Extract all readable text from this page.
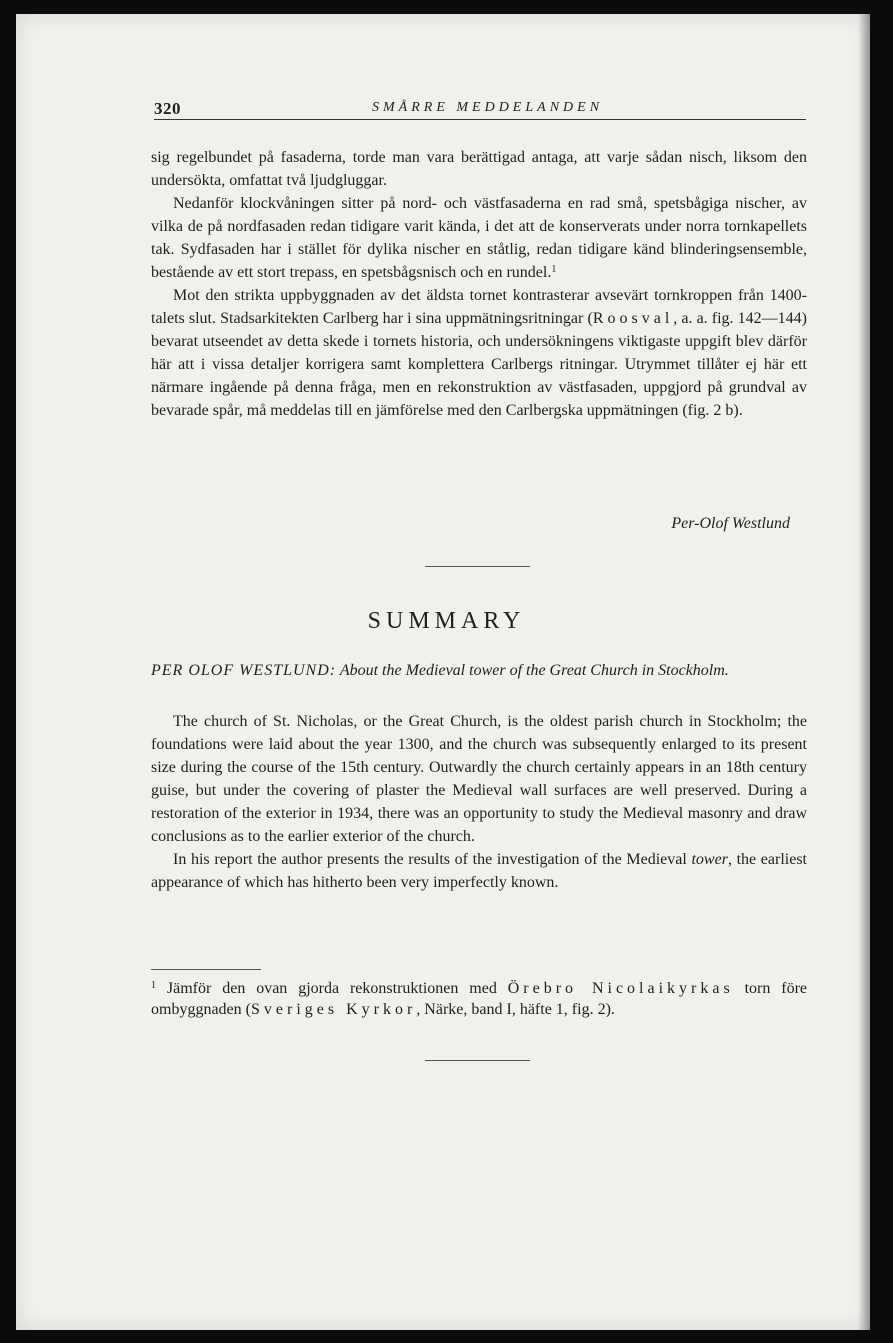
320	SMÅRRE MEDDELANDEN

sig regelbundet på fasaderna, torde man vara berättigad antaga, att varje sådan nisch, liksom den undersökta, omfattat två ljudgluggar.

Nedanför klockvåningen sitter på nord- och västfasaderna en rad små, spetsbågiga nischer, av vilka de på nordfasaden redan tidigare varit kända, i det att de konserverats under norra tornkapellets tak. Sydfasaden har i stället för dylika nischer en ståtlig, redan tidigare känd blinderingsensemble, bestående av ett stort trepass, en spetsbågsnisch och en rundel.$^1$

Mot den strikta uppbyggnaden av det äldsta tornet kontrasterar avsevärt tornkroppen från 1400-talets slut. Stadsarkitekten Carlberg har i sina uppmätningsritningar (Roosval, a. a. fig. 142—144) bevarat utseendet av detta skede i tornets historia, och undersökningens viktigaste uppgift blev därför här att i vissa detaljer korrigera samt komplettera Carlbergs ritningar. Utrymmet tillåter ej här ett närmare ingående på denna fråga, men en rekonstruktion av västfasaden, uppgjord på grundval av bevarade spår, må meddelas till en jämförelse med den Carlbergska uppmätningen (fig. 2 b).

Per-Olof Westlund
SUMMARY
PER OLOF WESTLUND: About the Medieval tower of the Great Church in Stockholm.

The church of St. Nicholas, or the Great Church, is the oldest parish church in Stockholm; the foundations were laid about the year 1300, and the church was subsequently enlarged to its present size during the course of the 15th century. Outwardly the church certainly appears in an 18th century guise, but under the covering of plaster the Medieval wall surfaces are well preserved. During a restoration of the exterior in 1934, there was an opportunity to study the Medieval masonry and draw conclusions as to the earlier exterior of the church.

In his report the author presents the results of the investigation of the Medieval tower, the earliest appearance of which has hitherto been very imperfectly known.

$^1$ Jämför den ovan gjorda rekonstruktionen med Örebro Nicolaikyrkas torn före ombyggnaden (Sveriges Kyrkor, Närke, band I, häfte 1, fig. 2).
